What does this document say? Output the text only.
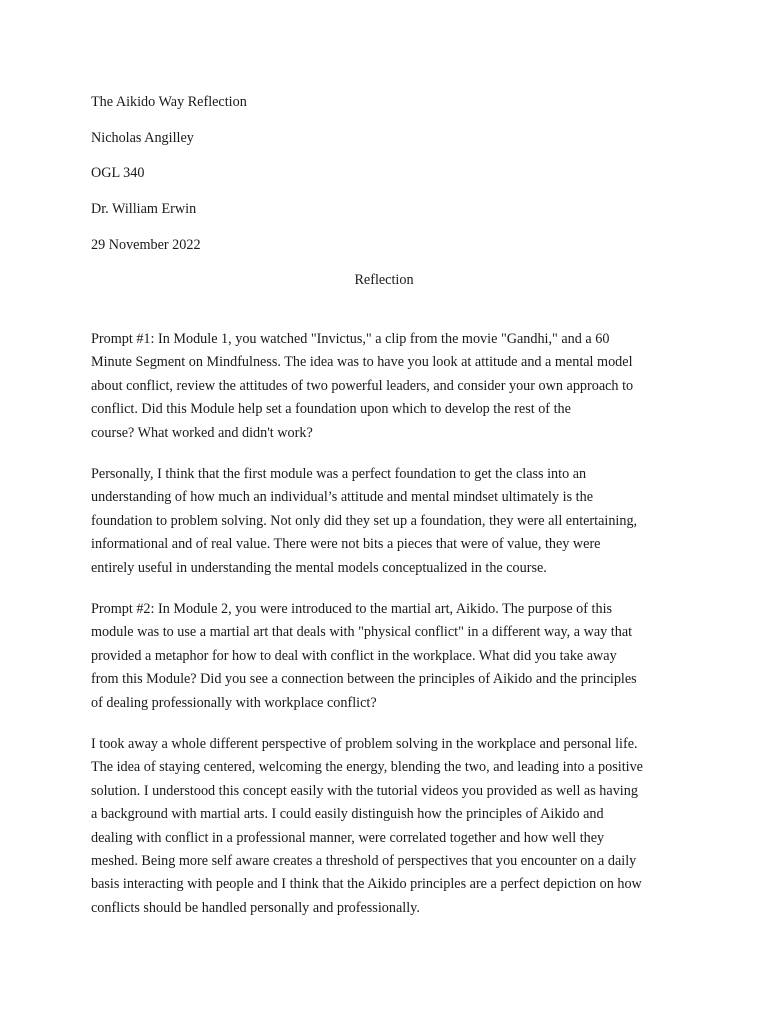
The Aikido Way Reflection
Nicholas Angilley
OGL 340
Dr. William Erwin
29 November 2022
Reflection

Prompt #1: In Module 1, you watched "Invictus," a clip from the movie "Gandhi," and a 60

Minute Segment on Mindfulness. The idea was to have you look at attitude and a mental model

about conflict, review the attitudes of two powerful leaders, and consider your own approach to

conflict. Did this Module help set a foundation upon which to develop the rest of the

course? What worked and didn't work?

Personally, I think that the first module was a perfect foundation to get the class into an

understanding of how much an individual’s attitude and mental mindset ultimately is the

foundation to problem solving. Not only did they set up a foundation, they were all entertaining,

informational and of real value. There were not bits a pieces that were of value, they were

entirely useful in understanding the mental models conceptualized in the course.

Prompt #2: In Module 2, you were introduced to the martial art, Aikido. The purpose of this

module was to use a martial art that deals with "physical conflict" in a different way, a way that

provided a metaphor for how to deal with conflict in the workplace. What did you take away

from this Module? Did you see a connection between the principles of Aikido and the principles

of dealing professionally with workplace conflict?

I took away a whole different perspective of problem solving in the workplace and personal life.

The idea of staying centered, welcoming the energy, blending the two, and leading into a positive

solution. I understood this concept easily with the tutorial videos you provided as well as having

a background with martial arts. I could easily distinguish how the principles of Aikido and

dealing with conflict in a professional manner, were correlated together and how well they

meshed. Being more self aware creates a threshold of perspectives that you encounter on a daily

basis interacting with people and I think that the Aikido principles are a perfect depiction on how

conflicts should be handled personally and professionally.
